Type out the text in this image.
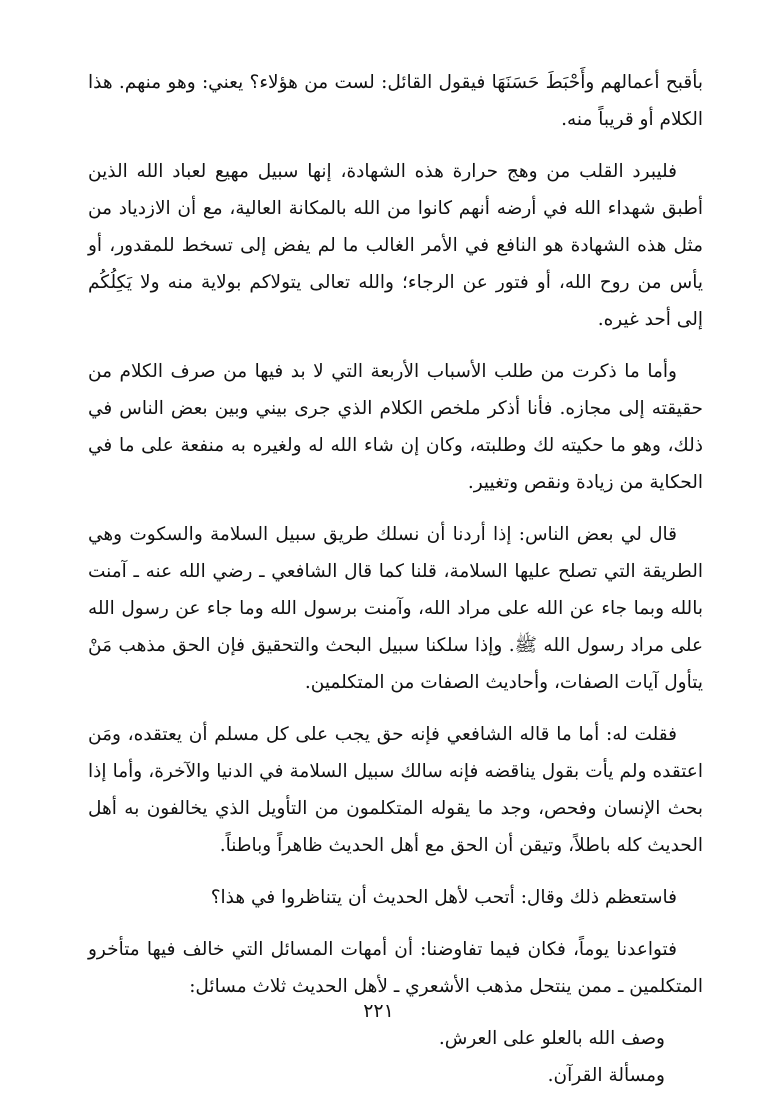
بأقبح أعمالهم وأَحْبَطَ حَسَنَهَا فيقول القائل: لست من هؤلاء؟ يعني: وهو منهم. هذا الكلام أو قريباً منه.

فليبرد القلب من وهج حرارة هذه الشهادة، إنها سبيل مهيع لعباد الله الذين أطبق شهداء الله في أرضه أنهم كانوا من الله بالمكانة العالية، مع أن الازدياد من مثل هذه الشهادة هو النافع في الأمر الغالب ما لم يفض إلى تسخط للمقدور، أو يأس من روح الله، أو فتور عن الرجاء؛ والله تعالى يتولاكم بولاية منه ولا يَكِلُكُم إلى أحد غيره.

وأما ما ذكرت من طلب الأسباب الأربعة التي لا بد فيها من صرف الكلام من حقيقته إلى مجازه. فأنا أذكر ملخص الكلام الذي جرى بيني وبين بعض الناس في ذلك، وهو ما حكيته لك وطلبته، وكان إن شاء الله له ولغيره به منفعة على ما في الحكاية من زيادة ونقص وتغيير.

قال لي بعض الناس: إذا أردنا أن نسلك طريق سبيل السلامة والسكوت وهي الطريقة التي تصلح عليها السلامة، قلنا كما قال الشافعي ـ رضي الله عنه ـ آمنت بالله وبما جاء عن الله على مراد الله، وآمنت برسول الله وما جاء عن رسول الله على مراد رسول الله ﷺ. وإذا سلكنا سبيل البحث والتحقيق فإن الحق مذهب مَنْ يتأول آيات الصفات، وأحاديث الصفات من المتكلمين.

فقلت له: أما ما قاله الشافعي فإنه حق يجب على كل مسلم أن يعتقده، ومَن اعتقده ولم يأت بقول يناقضه فإنه سالك سبيل السلامة في الدنيا والآخرة، وأما إذا بحث الإنسان وفحص، وجد ما يقوله المتكلمون من التأويل الذي يخالفون به أهل الحديث كله باطلاً، وتيقن أن الحق مع أهل الحديث ظاهراً وباطناً.

فاستعظم ذلك وقال: أتحب لأهل الحديث أن يتناظروا في هذا؟

فتواعدنا يوماً، فكان فيما تفاوضنا: أن أمهات المسائل التي خالف فيها متأخرو المتكلمين ـ ممن ينتحل مذهب الأشعري ـ لأهل الحديث ثلاث مسائل:

وصف الله بالعلو على العرش.

ومسألة القرآن.

٢٢١
